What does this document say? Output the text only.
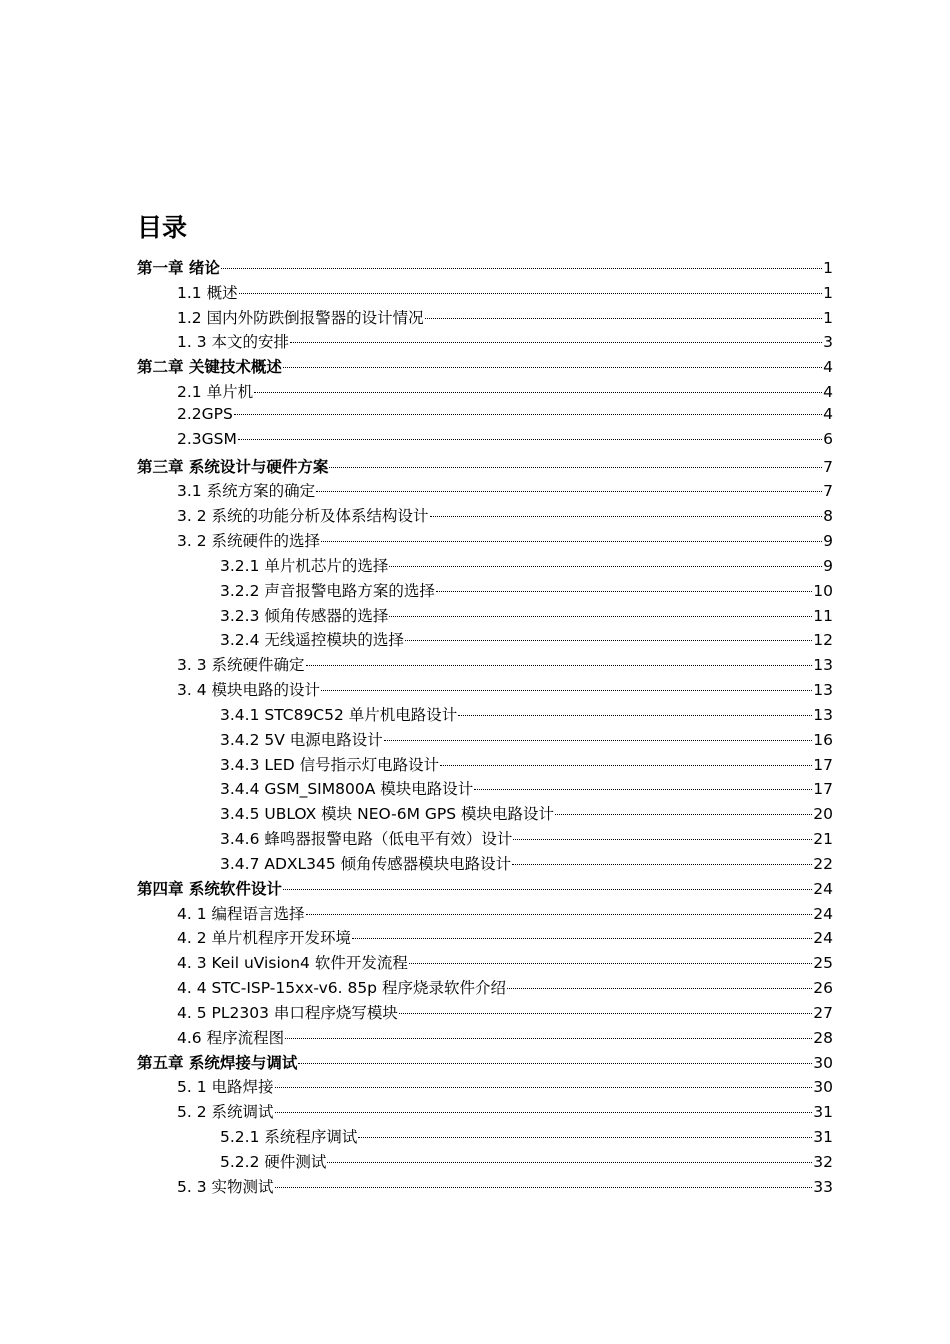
目录
第一章 绪论	1
1.1 概述	1
1.2 国内外防跌倒报警器的设计情况	1
1. 3 本文的安排	3
第二章 关键技术概述	4
2.1 单片机	4
2.2GPS	4
2.3GSM	6
第三章 系统设计与硬件方案	7
3.1 系统方案的确定	7
3. 2 系统的功能分析及体系结构设计	8
3. 2 系统硬件的选择	9
3.2.1 单片机芯片的选择	9
3.2.2 声音报警电路方案的选择	10
3.2.3 倾角传感器的选择	11
3.2.4 无线遥控模块的选择	12
3. 3 系统硬件确定	13
3. 4 模块电路的设计	13
3.4.1 STC89C52 单片机电路设计	13
3.4.2 5V 电源电路设计	16
3.4.3 LED 信号指示灯电路设计	17
3.4.4 GSM_SIM800A 模块电路设计	17
3.4.5 UBLOX 模块 NEO-6M GPS 模块电路设计	20
3.4.6 蜂鸣器报警电路（低电平有效）设计	21
3.4.7 ADXL345 倾角传感器模块电路设计	22
第四章 系统软件设计	24
4. 1 编程语言选择	24
4. 2 单片机程序开发环境	24
4. 3 Keil uVision4 软件开发流程	25
4. 4 STC-ISP-15xx-v6. 85p 程序烧录软件介绍	26
4. 5 PL2303 串口程序烧写模块	27
4.6 程序流程图	28
第五章 系统焊接与调试	30
5. 1 电路焊接	30
5. 2 系统调试	31
5.2.1 系统程序调试	31
5.2.2 硬件测试	32
5. 3 实物测试	33
